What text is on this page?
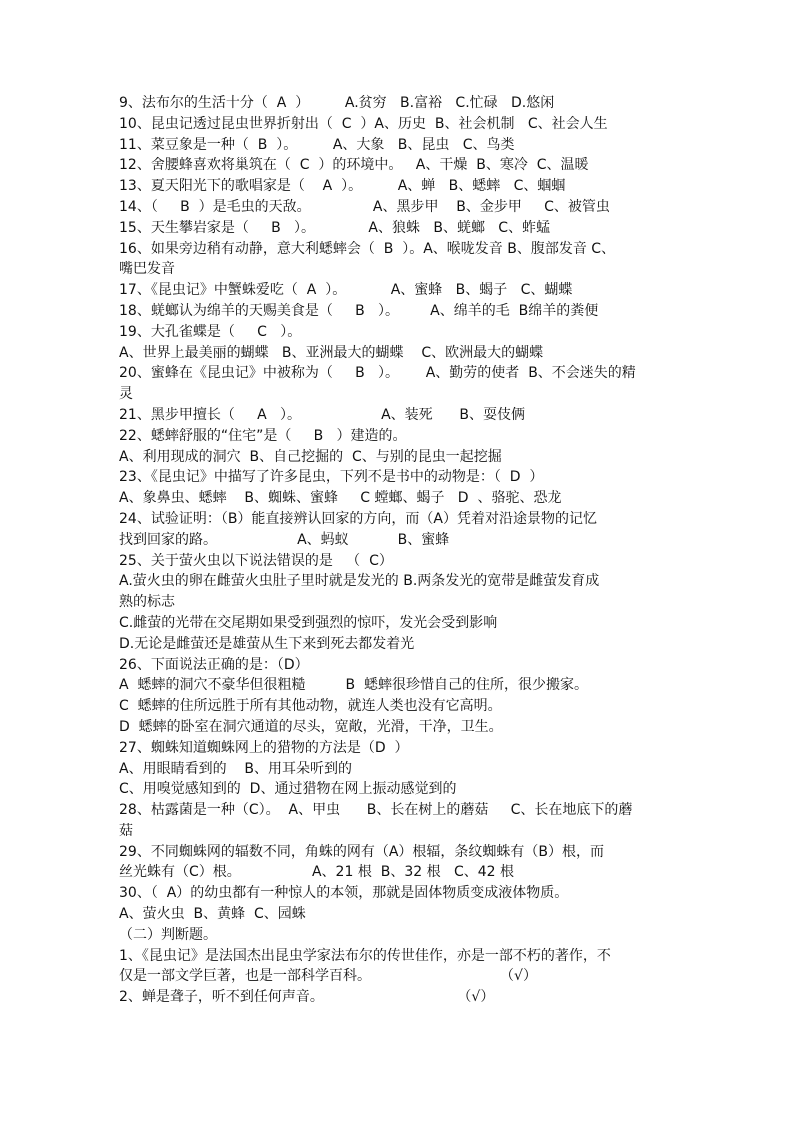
9、法布尔的生活十分（  A  ）        A.贫穷   B.富裕   C.忙碌   D.悠闲
10、昆虫记透过昆虫世界折射出（  C  ）A、历史  B、社会机制   C、社会人生
11、菜豆象是一种（  B  ）。        A、大象   B、昆虫   C、鸟类
12、舍腰蜂喜欢将巢筑在（  C  ）的环境中。   A、干燥  B、寒冷  C、温暖
13、夏天阳光下的歌唱家是（    A  ）。        A、蝉   B、蟋蟀   C、蝈蝈
14、（     B  ）是毛虫的天敌。              A、黑步甲    B、金步甲     C、被管虫
15、天生攀岩家是（     B   ）。            A、狼蛛   B、蜣螂   C、蚱蜢
16、如果旁边稍有动静，意大利蟋蟀会（  B  ）。A、喉咙发音 B、腹部发音 C、
嘴巴发音
17、《昆虫记》中蟹蛛爱吃（  A  ）。          A、蜜蜂   B、蝎子   C、蝴蝶
18、蜣螂认为绵羊的天赐美食是（     B   ）。       A、绵羊的毛  B绵羊的粪便
19、大孔雀蝶是（     C   ）。
A、世界上最美丽的蝴蝶   B、亚洲最大的蝴蝶    C、欧洲最大的蝴蝶
20、蜜蜂在《昆虫记》中被称为（     B   ）。      A、勤劳的使者  B、不会迷失的精
灵
21、黑步甲擅长（     A   ）。                  A、装死      B、耍伎俩
22、蟋蟀舒服的“住宅”是（     B   ）建造的。
A、利用现成的洞穴  B、自己挖掘的  C、与别的昆虫一起挖掘
23、《昆虫记》中描写了许多昆虫，下列不是书中的动物是：（  D  ）
A、象鼻虫、蟋蟀    B、蜘蛛、蜜蜂     C 螳螂、蝎子   D  、骆驼、恐龙
24、试验证明：（B）能直接辨认回家的方向，而（A）凭着对沿途景物的记忆
找到回家的路。                  A、蚂蚁           B、蜜蜂
25、关于萤火虫以下说法错误的是   （  C）
A.萤火虫的卵在雌萤火虫肚子里时就是发光的 B.两条发光的宽带是雌萤发育成
熟的标志
C.雌萤的光带在交尾期如果受到强烈的惊吓，发光会受到影响
D.无论是雌萤还是雄萤从生下来到死去都发着光
26、下面说法正确的是：（D）
A  蟋蟀的洞穴不豪华但很粗糙         B  蟋蟀很珍惜自己的住所，很少搬家。
C  蟋蟀的住所远胜于所有其他动物，就连人类也没有它高明。
D  蟋蟀的卧室在洞穴通道的尽头，宽敞，光滑，干净，卫生。
27、蜘蛛知道蜘蛛网上的猎物的方法是（D  ）
A、用眼睛看到的    B、用耳朵听到的
C、用嗅觉感知到的  D、通过猎物在网上振动感觉到的
28、枯露菌是一种（C）。  A、甲虫      B、长在树上的蘑菇     C、长在地底下的蘑
菇
29、不同蜘蛛网的辐数不同，角蛛的网有（A）根辐，条纹蜘蛛有（B）根，而
丝光蛛有（C）根。                A、21 根  B、32 根   C、42 根
30、（  A）的幼虫都有一种惊人的本领，那就是固体物质变成液体物质。
A、萤火虫  B、黄蜂  C、园蛛
（二）判断题。
1、《昆虫记》是法国杰出昆虫学家法布尔的传世佳作，亦是一部不朽的著作，不
仅是一部文学巨著，也是一部科学百科。                             （√）
2、蝉是聋子，听不到任何声音。                              （√）
